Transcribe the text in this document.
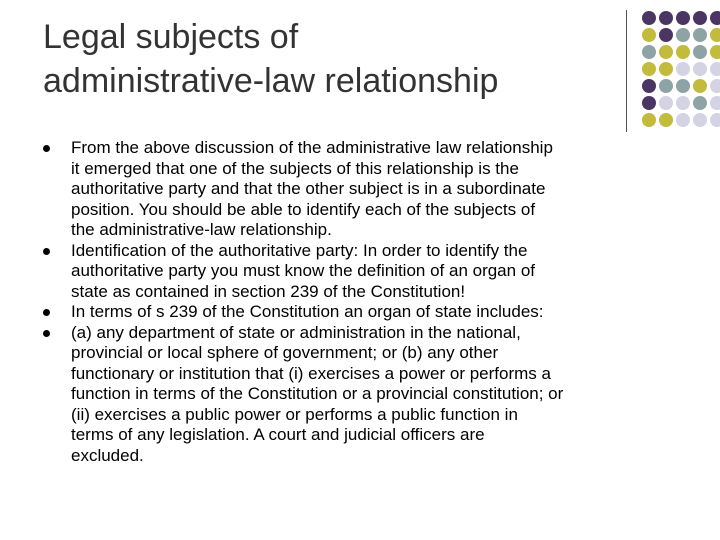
Legal subjects of
administrative-law relationship
From the above discussion of the administrative law relationship
it emerged that one of the subjects of this relationship is the
authoritative party and that the other subject is in a subordinate
position. You should be able to identify each of the subjects of
the administrative-law relationship.
Identification of the authoritative party: In order to identify the
authoritative party you must know the definition of an organ of
state as contained in section 239 of the Constitution!
In terms of s 239 of the Constitution an organ of state includes:
(a) any department of state or administration in the national,
provincial or local sphere of government; or (b) any other
functionary or institution that (i) exercises a power or performs a
function in terms of the Constitution or a provincial constitution; or
(ii) exercises a public power or performs a public function in
terms of any legislation. A court and judicial officers are
excluded.
